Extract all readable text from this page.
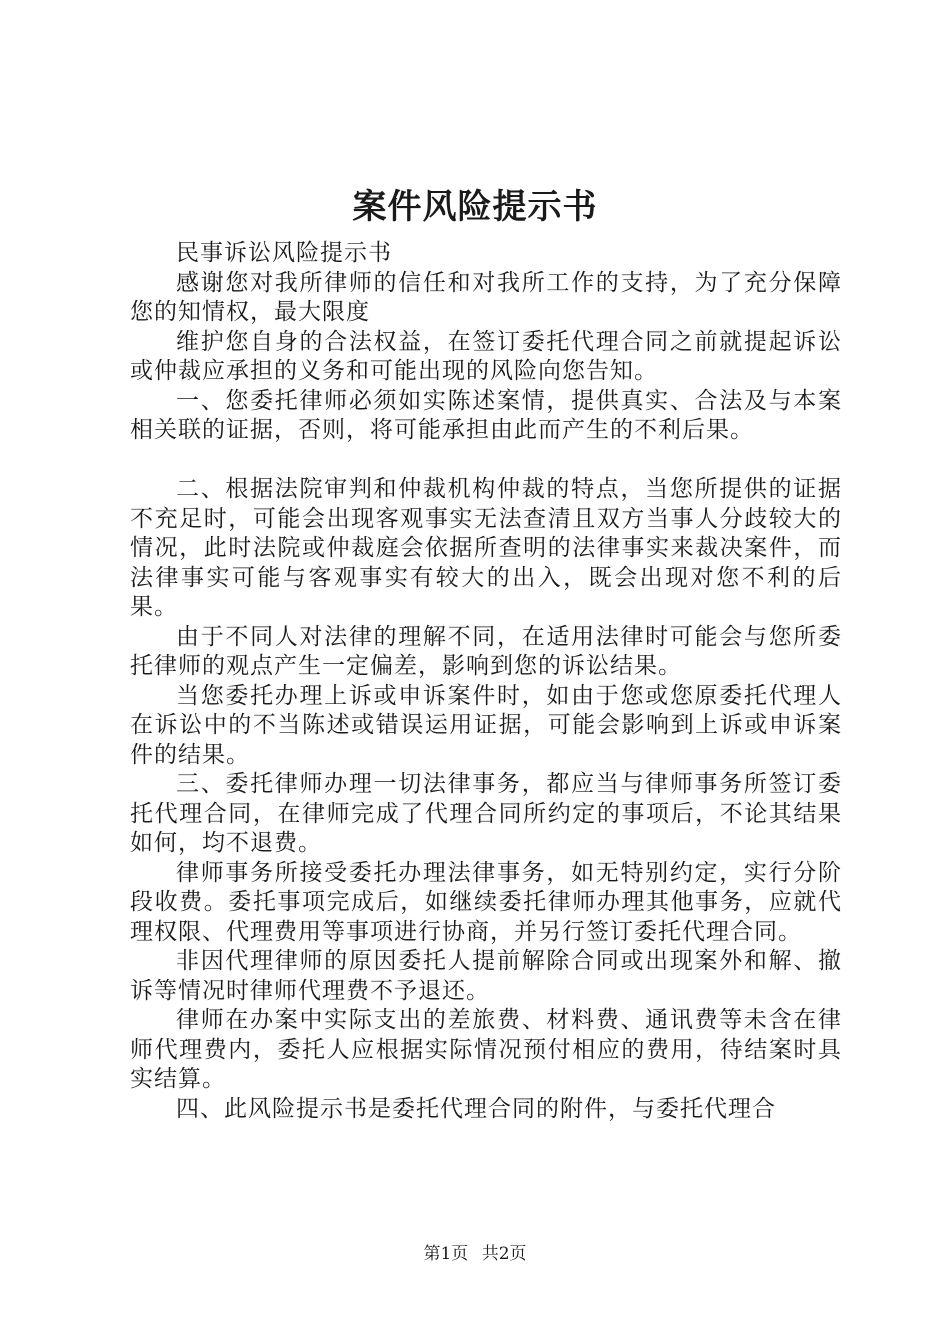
案件风险提示书

民事诉讼风险提示书

感谢您对我所律师的信任和对我所工作的支持，为了充分保障您的知情权，最大限度

维护您自身的合法权益，在签订委托代理合同之前就提起诉讼或仲裁应承担的义务和可能出现的风险向您告知。

一、您委托律师必须如实陈述案情，提供真实、合法及与本案相关联的证据，否则，将可能承担由此而产生的不利后果。

二、根据法院审判和仲裁机构仲裁的特点，当您所提供的证据不充足时，可能会出现客观事实无法查清且双方当事人分歧较大的情况，此时法院或仲裁庭会依据所查明的法律事实来裁决案件，而法律事实可能与客观事实有较大的出入，既会出现对您不利的后果。

由于不同人对法律的理解不同，在适用法律时可能会与您所委托律师的观点产生一定偏差，影响到您的诉讼结果。

当您委托办理上诉或申诉案件时，如由于您或您原委托代理人在诉讼中的不当陈述或错误运用证据，可能会影响到上诉或申诉案件的结果。

三、委托律师办理一切法律事务，都应当与律师事务所签订委托代理合同，在律师完成了代理合同所约定的事项后，不论其结果如何，均不退费。

律师事务所接受委托办理法律事务，如无特别约定，实行分阶段收费。委托事项完成后，如继续委托律师办理其他事务，应就代理权限、代理费用等事项进行协商，并另行签订委托代理合同。

非因代理律师的原因委托人提前解除合同或出现案外和解、撤诉等情况时律师代理费不予退还。

律师在办案中实际支出的差旅费、材料费、通讯费等未含在律师代理费内，委托人应根据实际情况预付相应的费用，待结案时具实结算。

四、此风险提示书是委托代理合同的附件，与委托代理合

第1页 共2页
